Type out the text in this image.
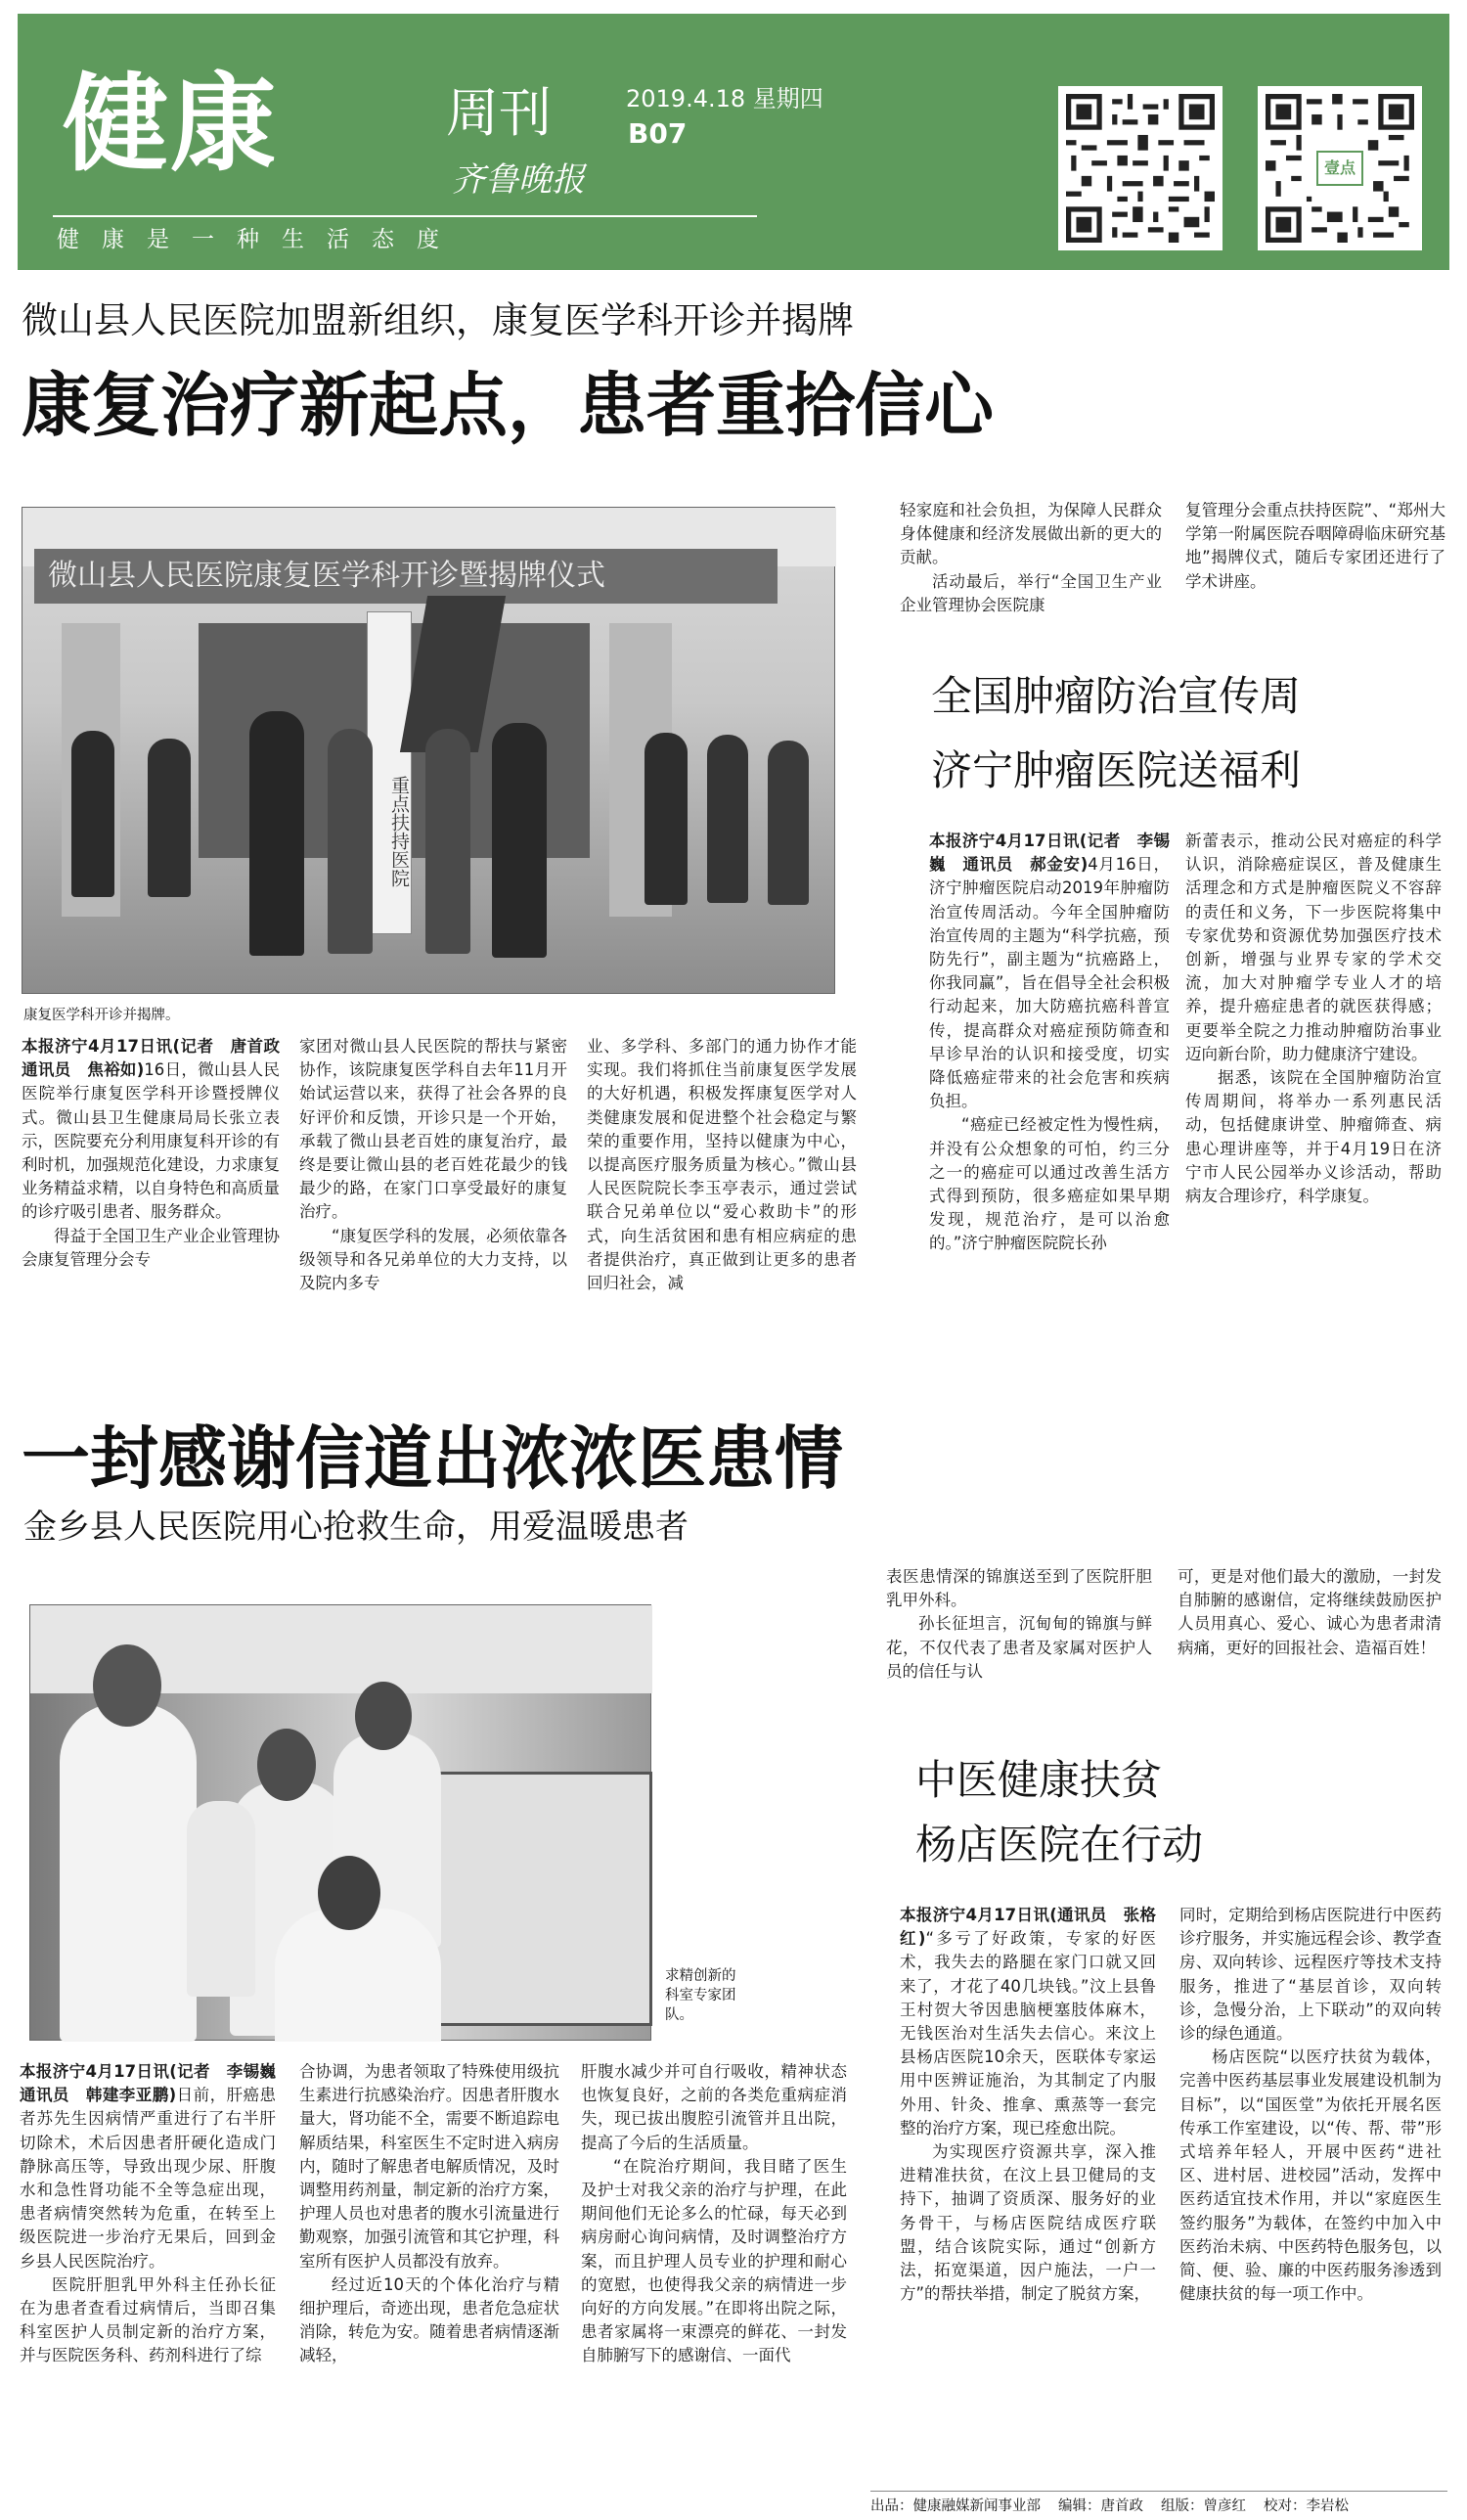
健康	周刊	2019.4.18 星期四
B07
齐鲁晚报
健　康　是　一　种　生　活　态　度
壹点
微山县人民医院加盟新组织，康复医学科开诊并揭牌
康复治疗新起点，患者重拾信心
微山县人民医院康复医学科开诊暨揭牌仪式
重点扶持医院
康复医学科开诊并揭牌。

本报济宁4月17日讯(记者　唐首政　通讯员　焦裕如)16日，微山县人民医院举行康复医学科开诊暨授牌仪式。微山县卫生健康局局长张立表示，医院要充分利用康复科开诊的有利时机，加强规范化建设，力求康复业务精益求精，以自身特色和高质量的诊疗吸引患者、服务群众。

得益于全国卫生产业企业管理协会康复管理分会专

家团对微山县人民医院的帮扶与紧密协作，该院康复医学科自去年11月开始试运营以来，获得了社会各界的良好评价和反馈，开诊只是一个开始，承载了微山县老百姓的康复治疗，最终是要让微山县的老百姓花最少的钱最少的路，在家门口享受最好的康复治疗。

“康复医学科的发展，必须依靠各级领导和各兄弟单位的大力支持，以及院内多专

业、多学科、多部门的通力协作才能实现。我们将抓住当前康复医学发展的大好机遇，积极发挥康复医学对人类健康发展和促进整个社会稳定与繁荣的重要作用，坚持以健康为中心，以提高医疗服务质量为核心。”微山县人民医院院长李玉亭表示，通过尝试联合兄弟单位以“爱心救助卡”的形式，向生活贫困和患有相应病症的患者提供治疗，真正做到让更多的患者回归社会，减

轻家庭和社会负担，为保障人民群众身体健康和经济发展做出新的更大的贡献。

活动最后，举行“全国卫生产业企业管理协会医院康

复管理分会重点扶持医院”、“郑州大学第一附属医院吞咽障碍临床研究基地”揭牌仪式，随后专家团还进行了学术讲座。

全国肿瘤防治宣传周
济宁肿瘤医院送福利

本报济宁4月17日讯(记者　李锡巍　通讯员　郝金安)4月16日，济宁肿瘤医院启动2019年肿瘤防治宣传周活动。今年全国肿瘤防治宣传周的主题为“科学抗癌，预防先行”，副主题为“抗癌路上，你我同赢”，旨在倡导全社会积极行动起来，加大防癌抗癌科普宣传，提高群众对癌症预防筛查和早诊早治的认识和接受度，切实降低癌症带来的社会危害和疾病负担。

“癌症已经被定性为慢性病，并没有公众想象的可怕，约三分之一的癌症可以通过改善生活方式得到预防，很多癌症如果早期发现，规范治疗，是可以治愈的。”济宁肿瘤医院院长孙

新蕾表示，推动公民对癌症的科学认识，消除癌症误区，普及健康生活理念和方式是肿瘤医院义不容辞的责任和义务，下一步医院将集中专家优势和资源优势加强医疗技术创新，增强与业界专家的学术交流，加大对肿瘤学专业人才的培养，提升癌症患者的就医获得感；更要举全院之力推动肿瘤防治事业迈向新台阶，助力健康济宁建设。

据悉，该院在全国肿瘤防治宣传周期间，将举办一系列惠民活动，包括健康讲堂、肿瘤筛查、病患心理讲座等，并于4月19日在济宁市人民公园举办义诊活动，帮助病友合理诊疗，科学康复。

一封感谢信道出浓浓医患情
金乡县人民医院用心抢救生命，用爱温暖患者

表医患情深的锦旗送至到了医院肝胆乳甲外科。

孙长征坦言，沉甸甸的锦旗与鲜花，不仅代表了患者及家属对医护人员的信任与认

可，更是对他们最大的激励，一封发自肺腑的感谢信，定将继续鼓励医护人员用真心、爱心、诚心为患者肃清病痛，更好的回报社会、造福百姓！

求精创新的科室专家团队。

本报济宁4月17日讯(记者　李锡巍　通讯员　韩建李亚鹏)日前，肝癌患者苏先生因病情严重进行了右半肝切除术，术后因患者肝硬化造成门静脉高压等，导致出现少尿、肝腹水和急性肾功能不全等急症出现，患者病情突然转为危重，在转至上级医院进一步治疗无果后，回到金乡县人民医院治疗。

医院肝胆乳甲外科主任孙长征在为患者查看过病情后，当即召集科室医护人员制定新的治疗方案，并与医院医务科、药剂科进行了综

合协调，为患者领取了特殊使用级抗生素进行抗感染治疗。因患者肝腹水量大，肾功能不全，需要不断追踪电解质结果，科室医生不定时进入病房内，随时了解患者电解质情况，及时调整用药剂量，制定新的治疗方案，护理人员也对患者的腹水引流量进行勤观察，加强引流管和其它护理，科室所有医护人员都没有放弃。

经过近10天的个体化治疗与精细护理后，奇迹出现，患者危急症状消除，转危为安。随着患者病情逐渐减轻，

肝腹水减少并可自行吸收，精神状态也恢复良好，之前的各类危重病症消失，现已拔出腹腔引流管并且出院，提高了今后的生活质量。

“在院治疗期间，我目睹了医生及护士对我父亲的治疗与护理，在此期间他们无论多么的忙碌，每天必到病房耐心询问病情，及时调整治疗方案，而且护理人员专业的护理和耐心的宽慰，也使得我父亲的病情进一步向好的方向发展。”在即将出院之际，患者家属将一束漂亮的鲜花、一封发自肺腑写下的感谢信、一面代

中医健康扶贫
杨店医院在行动

本报济宁4月17日讯(通讯员　张格红)“多亏了好政策，专家的好医术，我失去的路腿在家门口就又回来了，才花了40几块钱。”汶上县鲁王村贺大爷因患脑梗塞肢体麻木，无钱医治对生活失去信心。来汶上县杨店医院10余天，医联体专家运用中医辨证施治，为其制定了内服外用、针灸、推拿、熏蒸等一套完整的治疗方案，现已痊愈出院。

为实现医疗资源共享，深入推进精准扶贫，在汶上县卫健局的支持下，抽调了资质深、服务好的业务骨干，与杨店医院结成医疗联盟，结合该院实际，通过“创新方法，拓宽渠道，因户施法，一户一方”的帮扶举措，制定了脱贫方案，

同时，定期给到杨店医院进行中医药诊疗服务，并实施远程会诊、教学查房、双向转诊、远程医疗等技术支持服务，推进了“基层首诊，双向转诊，急慢分治，上下联动”的双向转诊的绿色通道。

杨店医院“以医疗扶贫为载体，完善中医药基层事业发展建设机制为目标”，以“国医堂”为依托开展名医传承工作室建设，以“传、帮、带”形式培养年轻人，开展中医药“进社区、进村居、进校园”活动，发挥中医药适宜技术作用，并以“家庭医生签约服务”为载体，在签约中加入中医药治未病、中医药特色服务包，以简、便、验、廉的中医药服务渗透到健康扶贫的每一项工作中。

出品：健康融媒新闻事业部 编辑：唐首政 组版：曾彦红 校对：李岩松
